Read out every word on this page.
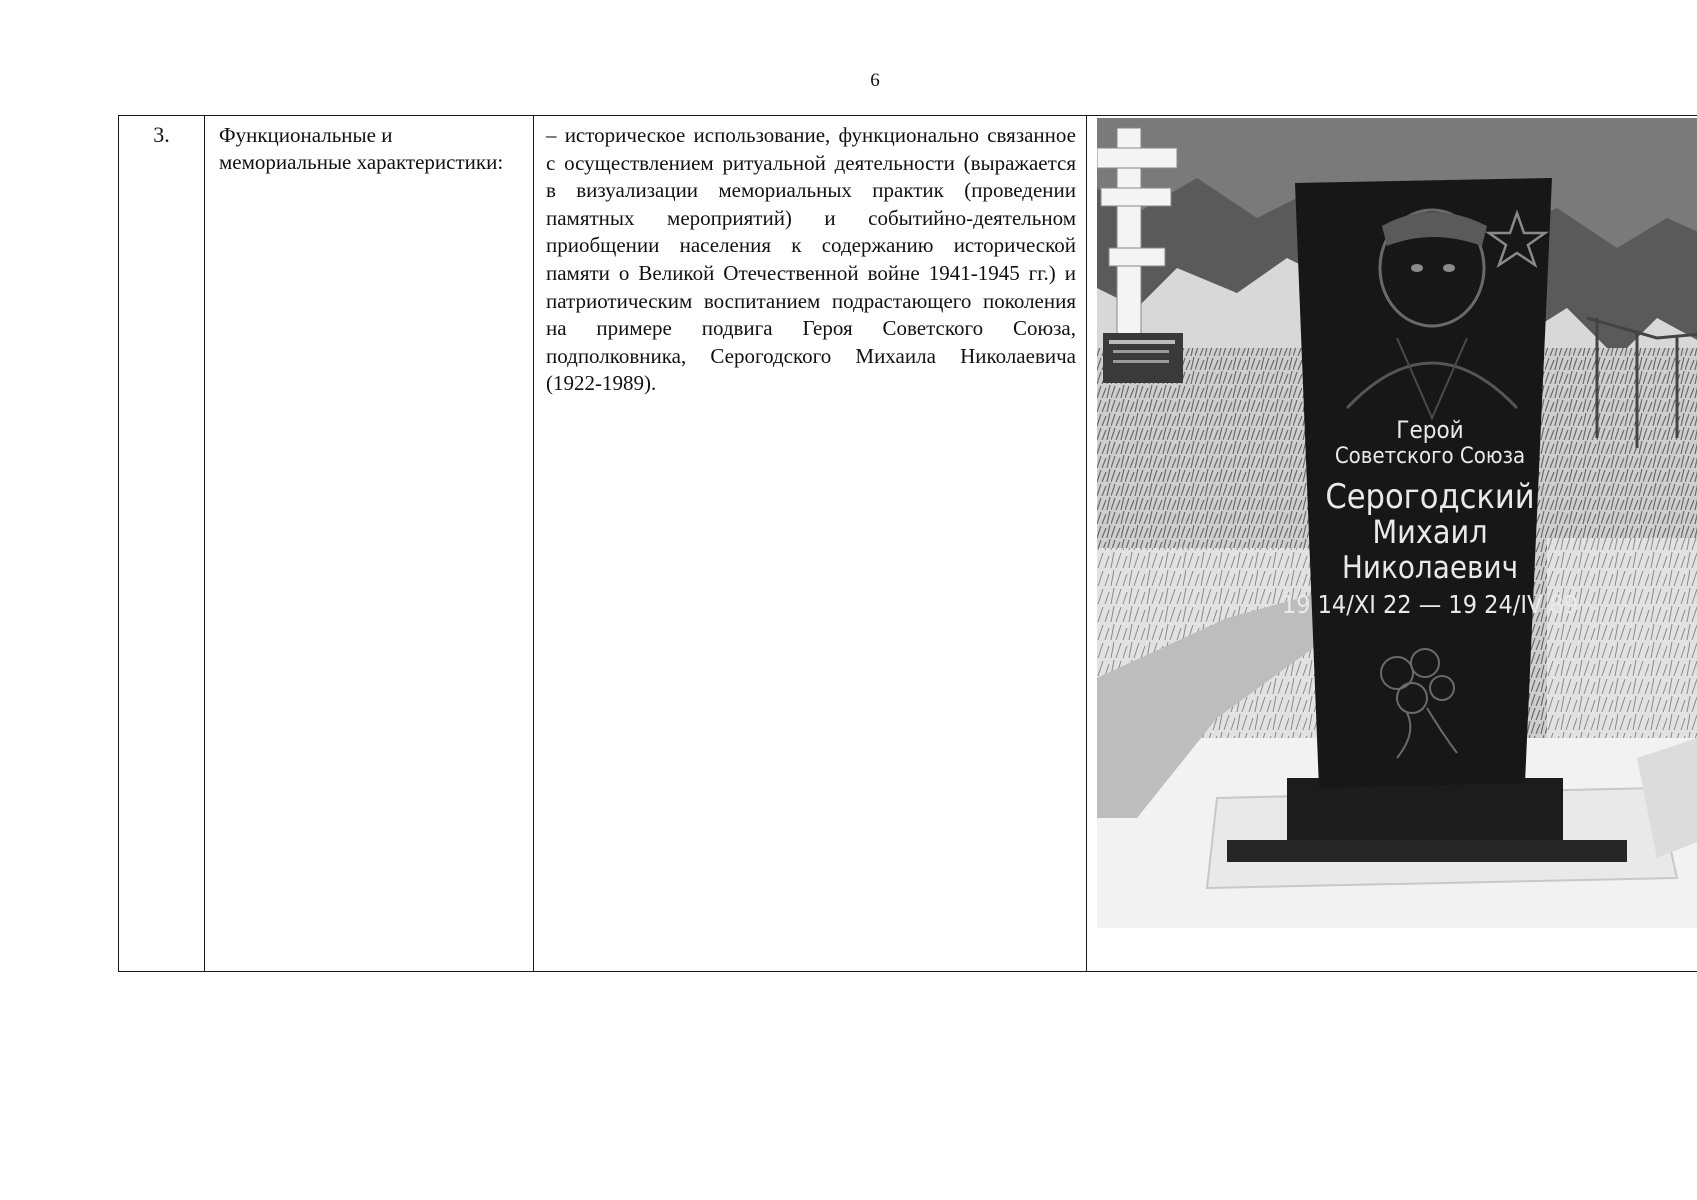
6
3.	Функциональные и мемориальные характеристики:	– историческое использование, функционально связанное с осуществлением ритуальной деятельности (выражается в визуализации мемориальных практик (проведении памятных мероприятий) и событийно-деятельном приобщении населения к содержанию исторической памяти о Великой Отечественной войне 1941-1945 гг.) и патриотическим воспитанием подрастающего поколения на примере подвига Героя Советского Союза, подполковника, Серогодского Михаила Николаевича (1922-1989).	
Герой
Советского Союза
Серогодский
Михаил
Николаевич
19 14/XI 22 — 19 24/IV 89
